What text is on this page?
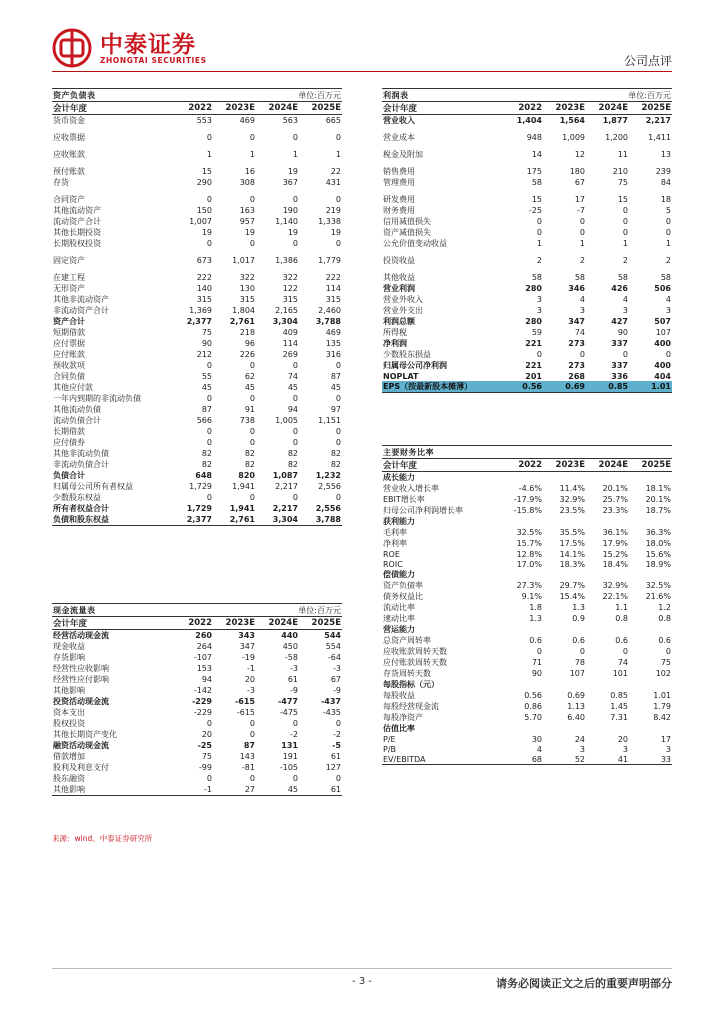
中泰证券
ZHONGTAI SECURITIES	公司点评
资产负债表	单位:百万元
会计年度	2022	2023E	2024E	2025E
货币资金	553	469	563	665

应收票据	0	0	0	0

应收账款	1	1	1	1

预付账款	15	16	19	22
存货	290	308	367	431

合同资产	0	0	0	0
其他流动资产	150	163	190	219
流动资产合计	1,007	957	1,140	1,338
其他长期投资	19	19	19	19
长期股权投资	0	0	0	0

固定资产	673	1,017	1,386	1,779

在建工程	222	322	322	222
无形资产	140	130	122	114
其他非流动资产	315	315	315	315
非流动资产合计	1,369	1,804	2,165	2,460
资产合计	2,377	2,761	3,304	3,788
短期借款	75	218	409	469
应付票据	90	96	114	135
应付账款	212	226	269	316
预收款项	0	0	0	0
合同负债	55	62	74	87
其他应付款	45	45	45	45
一年内到期的非流动负债	0	0	0	0
其他流动负债	87	91	94	97
流动负债合计	566	738	1,005	1,151
长期借款	0	0	0	0
应付债券	0	0	0	0
其他非流动负债	82	82	82	82
非流动负债合计	82	82	82	82
负债合计	648	820	1,087	1,232
归属母公司所有者权益	1,729	1,941	2,217	2,556
少数股东权益	0	0	0	0
所有者权益合计	1,729	1,941	2,217	2,556
负债和股东权益	2,377	2,761	3,304	3,788
现金流量表	单位:百万元
会计年度	2022	2023E	2024E	2025E
经营活动现金流	260	343	440	544
现金收益	264	347	450	554
存货影响	-107	-19	-58	-64
经营性应收影响	153	-1	-3	-3
经营性应付影响	94	20	61	67
其他影响	-142	-3	-9	-9
投资活动现金流	-229	-615	-477	-437
资本支出	-229	-615	-475	-435
股权投资	0	0	0	0
其他长期资产变化	20	0	-2	-2
融资活动现金流	-25	87	131	-5
借款增加	75	143	191	61
股利及利息支付	-99	-81	-105	127
股东融资	0	0	0	0
其他影响	-1	27	45	61
利润表	单位:百万元
会计年度	2022	2023E	2024E	2025E
营业收入	1,404	1,564	1,877	2,217

营业成本	948	1,009	1,200	1,411

税金及附加	14	12	11	13

销售费用	175	180	210	239
管理费用	58	67	75	84

研发费用	15	17	15	18
财务费用	-25	-7	0	5
信用减值损失	0	0	0	0
资产减值损失	0	0	0	0
公允价值变动收益	1	1	1	1

投资收益	2	2	2	2

其他收益	58	58	58	58
营业利润	280	346	426	506
营业外收入	3	4	4	4
营业外支出	3	3	3	3
利润总额	280	347	427	507
所得税	59	74	90	107
净利润	221	273	337	400
少数股东损益	0	0	0	0
归属母公司净利润	221	273	337	400
NOPLAT	201	268	336	404
EPS（按最新股本摊薄）	0.56	0.69	0.85	1.01
主要财务比率
会计年度	2022	2023E	2024E	2025E
成长能力				
营业收入增长率	-4.6%	11.4%	20.1%	18.1%
EBIT增长率	-17.9%	32.9%	25.7%	20.1%
归母公司净利润增长率	-15.8%	23.5%	23.3%	18.7%
获利能力				
毛利率	32.5%	35.5%	36.1%	36.3%
净利率	15.7%	17.5%	17.9%	18.0%
ROE	12.8%	14.1%	15.2%	15.6%
ROIC	17.0%	18.3%	18.4%	18.9%
偿债能力				
资产负债率	27.3%	29.7%	32.9%	32.5%
债务权益比	9.1%	15.4%	22.1%	21.6%
流动比率	1.8	1.3	1.1	1.2
速动比率	1.3	0.9	0.8	0.8
营运能力				
总资产周转率	0.6	0.6	0.6	0.6
应收账款周转天数	0	0	0	0
应付账款周转天数	71	78	74	75
存货周转天数	90	107	101	102
每股指标（元）				
每股收益	0.56	0.69	0.85	1.01
每股经营现金流	0.86	1.13	1.45	1.79
每股净资产	5.70	6.40	7.31	8.42
估值比率				
P/E	30	24	20	17
P/B	4	3	3	3
EV/EBITDA	68	52	41	33
来源：wind、中泰证券研究所
- 3 -	请务必阅读正文之后的重要声明部分
